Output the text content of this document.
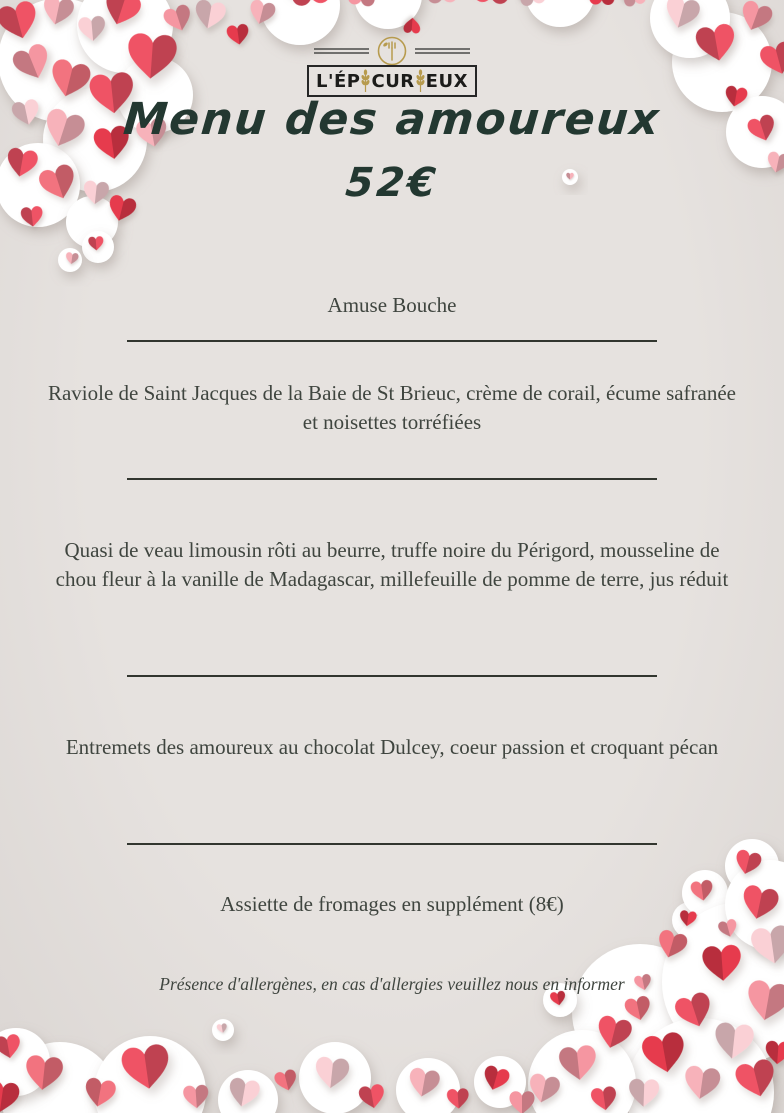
L'ÉP CUR EUX
Menu des amoureux
52€
Amuse Bouche
Raviole de Saint Jacques de la Baie de St Brieuc, crème de corail, écume safranée et noisettes torréfiées
Quasi de veau limousin rôti au beurre, truffe noire du Périgord, mousseline de chou fleur à la vanille de Madagascar, millefeuille de pomme de terre, jus réduit
Entremets des amoureux au chocolat Dulcey, coeur passion et croquant pécan
Assiette de fromages en supplément (8€)
Présence d'allergènes, en cas d'allergies veuillez nous en informer
